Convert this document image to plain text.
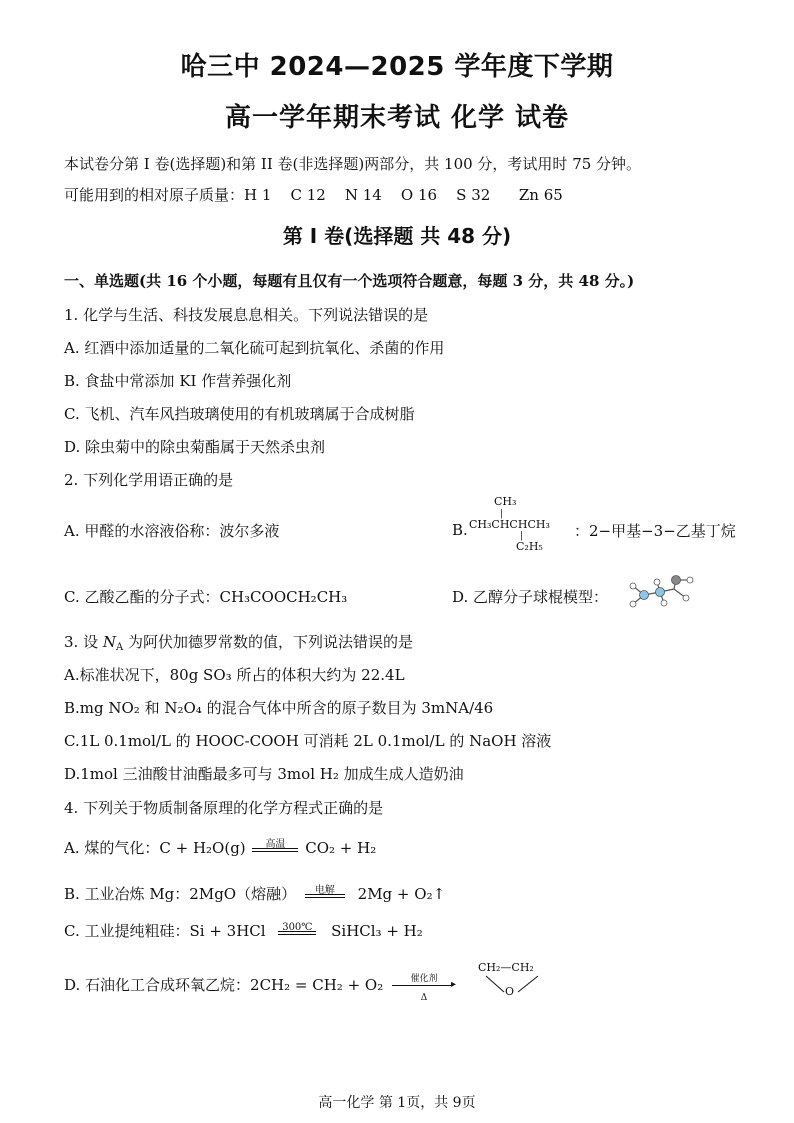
哈三中 2024—2025 学年度下学期
高一学年期末考试 化学 试卷
本试卷分第 I 卷(选择题)和第 II 卷(非选择题)两部分，共 100 分，考试用时 75 分钟。
可能用到的相对原子质量：H 1    C 12    N 14    O 16    S 32      Zn 65
第 I 卷(选择题 共 48 分)
一、单选题(共 16 个小题，每题有且仅有一个选项符合题意，每题 3 分，共 48 分。)
1. 化学与生活、科技发展息息相关。下列说法错误的是
A. 红酒中添加适量的二氧化硫可起到抗氧化、杀菌的作用
B. 食盐中常添加 KI 作营养强化剂
C. 飞机、汽车风挡玻璃使用的有机玻璃属于合成树脂
D. 除虫菊中的除虫菊酯属于天然杀虫剂
2. 下列化学用语正确的是
A. 甲醛的水溶液俗称：波尔多液	B.
CH₃
|
CH₃CHCHCH₃
|
C₂H₅
：2−甲基−3−乙基丁烷
C. 乙酸乙酯的分子式：CH₃COOCH₂CH₃	D. 乙醇分子球棍模型：
3. 设 $N_A$ 为阿伏加德罗常数的值，下列说法错误的是
A.标准状况下，80g SO₃ 所占的体积大约为 22.4L
B.mg NO₂ 和 N₂O₄ 的混合气体中所含的原子数目为 3mNA/46
C.1L 0.1mol/L 的 HOOC-COOH 可消耗 2L 0.1mol/L 的 NaOH 溶液
D.1mol 三油酸甘油酯最多可与 3mol H₂ 加成生成人造奶油
4. 下列关于物质制备原理的化学方程式正确的是
A. 煤的气化：C + H₂O(g)	高温	CO₂ + H₂
B. 工业冶炼 Mg：2MgO（熔融）	电解	2Mg + O₂↑
C. 工业提纯粗硅：Si + 3HCl	300℃ SiHCl₃ + H₂
D. 石油化工合成环氧乙烷：2CH₂ = CH₂ + O₂	催化剂	▸
Δ
CH₂—CH₂
O
高一化学 第 1页，共 9页
